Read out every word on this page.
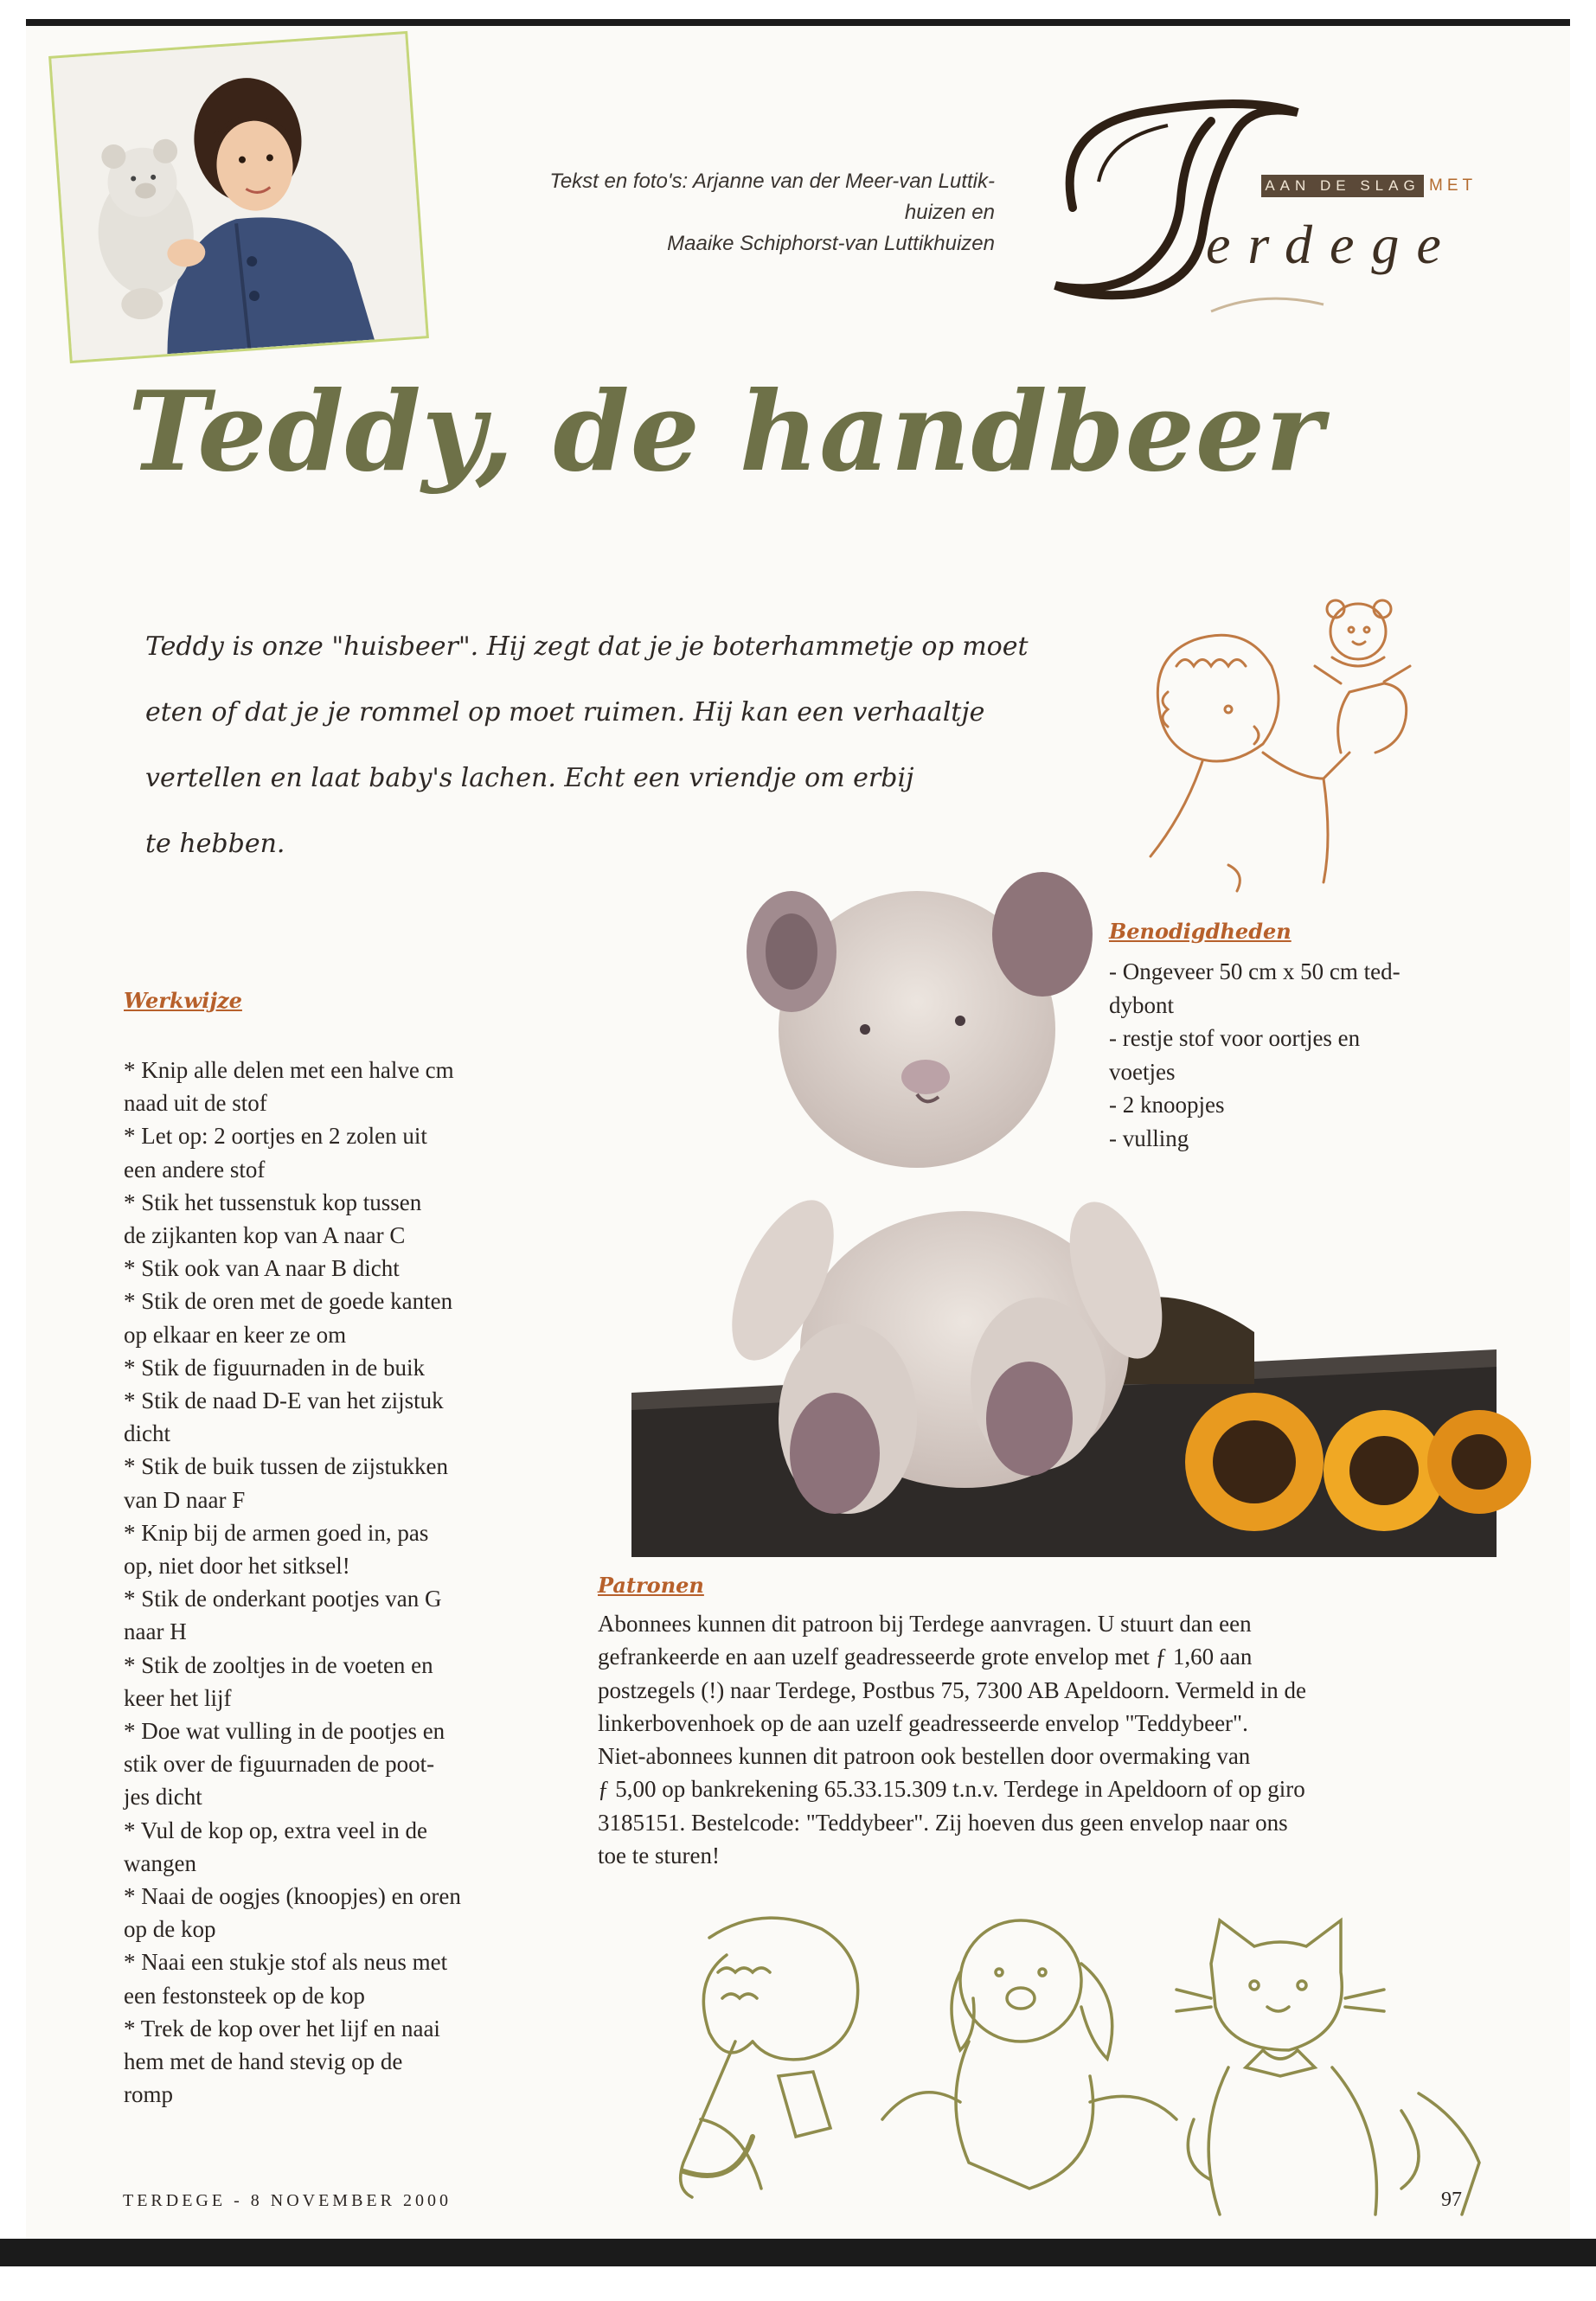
Tekst en foto's: Arjanne van der Meer-van Luttik-
huizen en
Maaike Schiphorst-van Luttikhuizen
AAN DE SLAG MET
erdege
Teddy, de handbeer
Teddy is onze "huisbeer". Hij zegt dat je je boterhammetje op moet
eten of dat je je rommel op moet ruimen. Hij kan een verhaaltje
vertellen en laat baby's lachen. Echt een vriendje om erbij
te hebben.
Werkwijze
* Knip alle delen met een halve cm
naad uit de stof
* Let op: 2 oortjes en 2 zolen uit
een andere stof
* Stik het tussenstuk kop tussen
de zijkanten kop van A naar C
* Stik ook van A naar B dicht
* Stik de oren met de goede kanten
op elkaar en keer ze om
* Stik de figuurnaden in de buik
* Stik de naad D-E van het zijstuk
dicht
* Stik de buik tussen de zijstukken
van D naar F
* Knip bij de armen goed in, pas
op, niet door het sitksel!
* Stik de onderkant pootjes van G
naar H
* Stik de zooltjes in de voeten en
keer het lijf
* Doe wat vulling in de pootjes en
stik over de figuurnaden de poot-
jes dicht
* Vul de kop op, extra veel in de
wangen
* Naai de oogjes (knoopjes) en oren
op de kop
* Naai een stukje stof als neus met
een festonsteek op de kop
* Trek de kop over het lijf en naai
hem met de hand stevig op de
romp
Benodigdheden
- Ongeveer 50 cm x 50 cm ted-
dybont
- restje stof voor oortjes en
voetjes
- 2 knoopjes
- vulling
Patronen
Abonnees kunnen dit patroon bij Terdege aanvragen. U stuurt dan een
gefrankeerde en aan uzelf geadresseerde grote envelop met ƒ 1,60 aan
postzegels (!) naar Terdege, Postbus 75, 7300 AB Apeldoorn. Vermeld in de
linkerbovenhoek op de aan uzelf geadresseerde envelop "Teddybeer".
Niet-abonnees kunnen dit patroon ook bestellen door overmaking van
ƒ 5,00 op bankrekening 65.33.15.309 t.n.v. Terdege in Apeldoorn of op giro
3185151. Bestelcode: "Teddybeer". Zij hoeven dus geen envelop naar ons
toe te sturen!
TERDEGE - 8 NOVEMBER 2000	97
